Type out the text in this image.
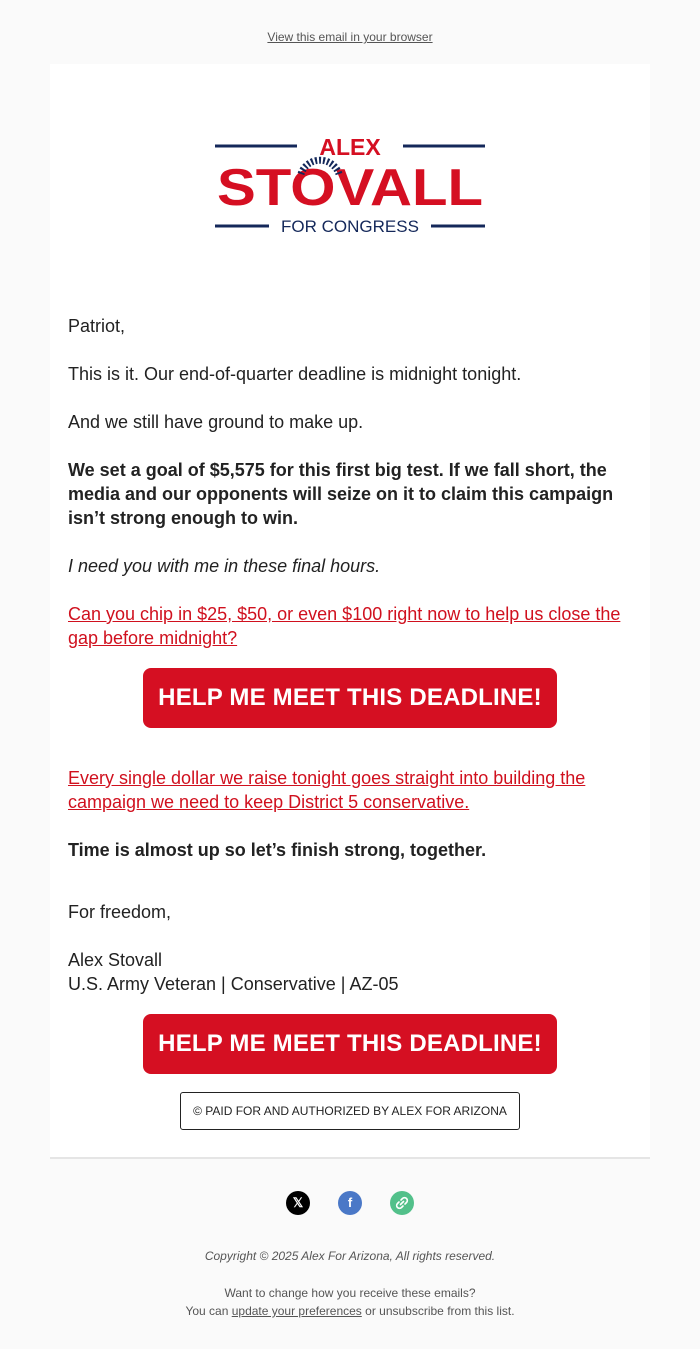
View this email in your browser
ALEX
STOVALL
FOR CONGRESS
Patriot,
This is it. Our end-of-quarter deadline is midnight tonight.
And we still have ground to make up.
We set a goal of $5,575 for this first big test. If we fall short, the media and our opponents will seize on it to claim this campaign isn’t strong enough to win.
I need you with me in these final hours.
Can you chip in $25, $50, or even $100 right now to help us close the gap before midnight?
HELP ME MEET THIS DEADLINE!
Every single dollar we raise tonight goes straight into building the campaign we need to keep District 5 conservative.
Time is almost up so let’s finish strong, together.
For freedom,
Alex Stovall
U.S. Army Veteran | Conservative | AZ-05
HELP ME MEET THIS DEADLINE!
© PAID FOR AND AUTHORIZED BY ALEX FOR ARIZONA
𝕏	f
Copyright © 2025 Alex For Arizona, All rights reserved.
Want to change how you receive these emails?
You can update your preferences or unsubscribe from this list.
